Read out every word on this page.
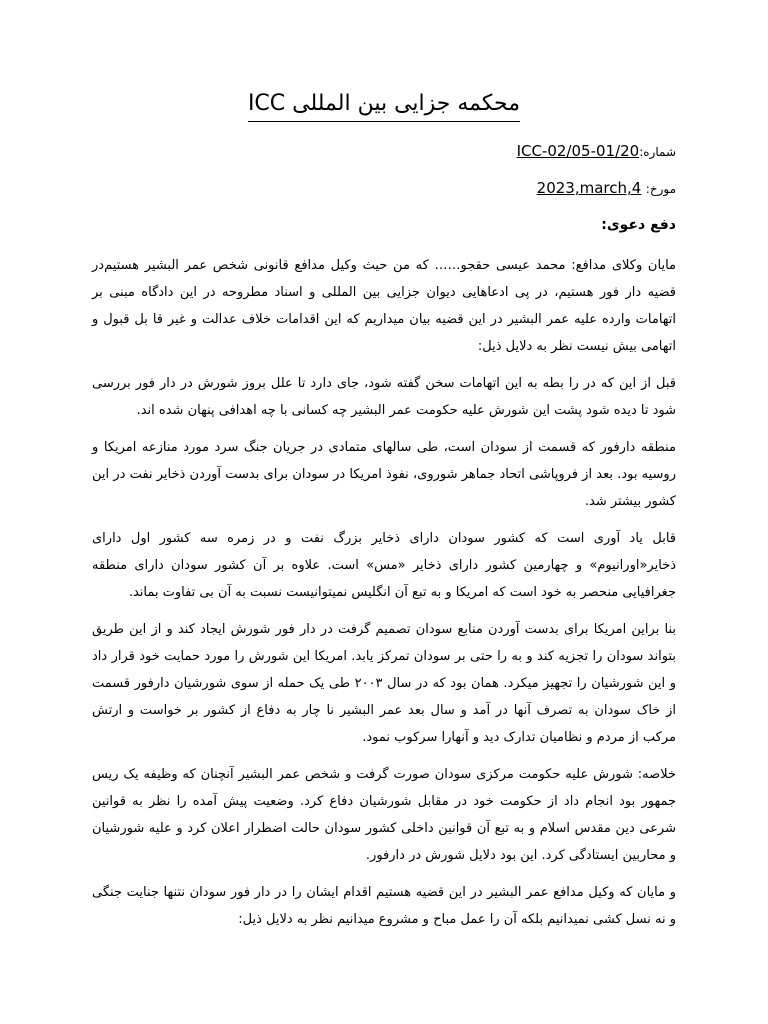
محکمه جزایی بین المللی ICC
شماره:ICC-02/05-01/20
مورخ: 2023,march,4
دفع دعوی:

مایان وکلای مدافع: محمد عیسی حقجو…… که من حیث وکیل مدافع قانونی شخص عمر البشیر هستیم‌در قضیه دار فور هستیم، در پی ادعاهایی دیوان جزایی بین المللی و اسناد مطروحه در این دادگاه مبنی بر اتهامات وارده علیه عمر البشیر در این قضیه بیان میداریم که این اقدامات خلاف عدالت و غیر قا بل قبول و اتهامی بیش نیست نظر به دلایل ذیل:

قبل از این که در را بطه به این اتهامات سخن گفته شود، جای دارد تا علل بروز شورش در دار فور بررسی شود تا دیده شود پشت این شورش علیه حکومت عمر البشیر چه کسانی با چه اهدافی پنهان شده اند.

منطقه دارفور که قسمت از سودان است، طی سالهای متمادی در جریان جنگ سرد مورد منازعه امریکا و روسیه بود. بعد از فروپاشی اتحاد جماهر شوروی، نفوذ امریکا در سودان برای بدست آوردن ذخایر نفت در این کشور بیشتر شد.

قابل یاد آوری است که کشور سودان دارای ذخایر بزرگ نفت و در زمره سه کشور اول دارای ذخایر«اورانیوم» و چهارمین کشور دارای ذخایر «مس» است. علاوه بر آن کشور سودان دارای منطقه جغرافیایی منحصر به خود است که امریکا و به تبع آن انگلیس نمیتوانیست نسبت به آن بی تفاوت بماند.

بنا براین امریکا برای بدست آوردن منابع سودان تصمیم گرفت در دار فور شورش ایجاد کند و از این طریق بتواند سودان را تجزیه کند و به را حتی بر سودان تمرکز یابد. امریکا این شورش را مورد حمایت خود قرار داد و این شورشیان را تجهیز میکرد. همان بود که در سال ۲۰۰۳ طی یک حمله از سوی شورشیان دارفور قسمت از خاک سودان به تصرف آنها در آمد و سال بعد عمر البشیر نا چار به دفاع از کشور بر خواست و ارتش مرکب از مردم و نظامیان تدارک دید و آنهارا سرکوب نمود.

خلاصه: شورش علیه حکومت مرکزی سودان صورت گرفت و شخص عمر البشیر آنچنان که وظیفه یک ریس جمهور بود انجام داد از حکومت خود در مقابل شورشیان دفاع کرد. وضعیت پیش آمده را نظر به قوانین شرعی دین مقدس اسلام و به تبع آن قوانین داخلی کشور سودان حالت اضطرار اعلان کرد و علیه شورشیان و محاربین ایستادگی کرد. این بود دلایل شورش در دارفور.

و مایان که وکیل مدافع عمر البشیر در این قضیه هستیم اقدام ایشان را در دار فور سودان نتنها جنایت جنگی و نه نسل کشی نمیدانیم بلکه آن را عمل مباح و مشروع میدانیم نظر به دلایل ذیل:
